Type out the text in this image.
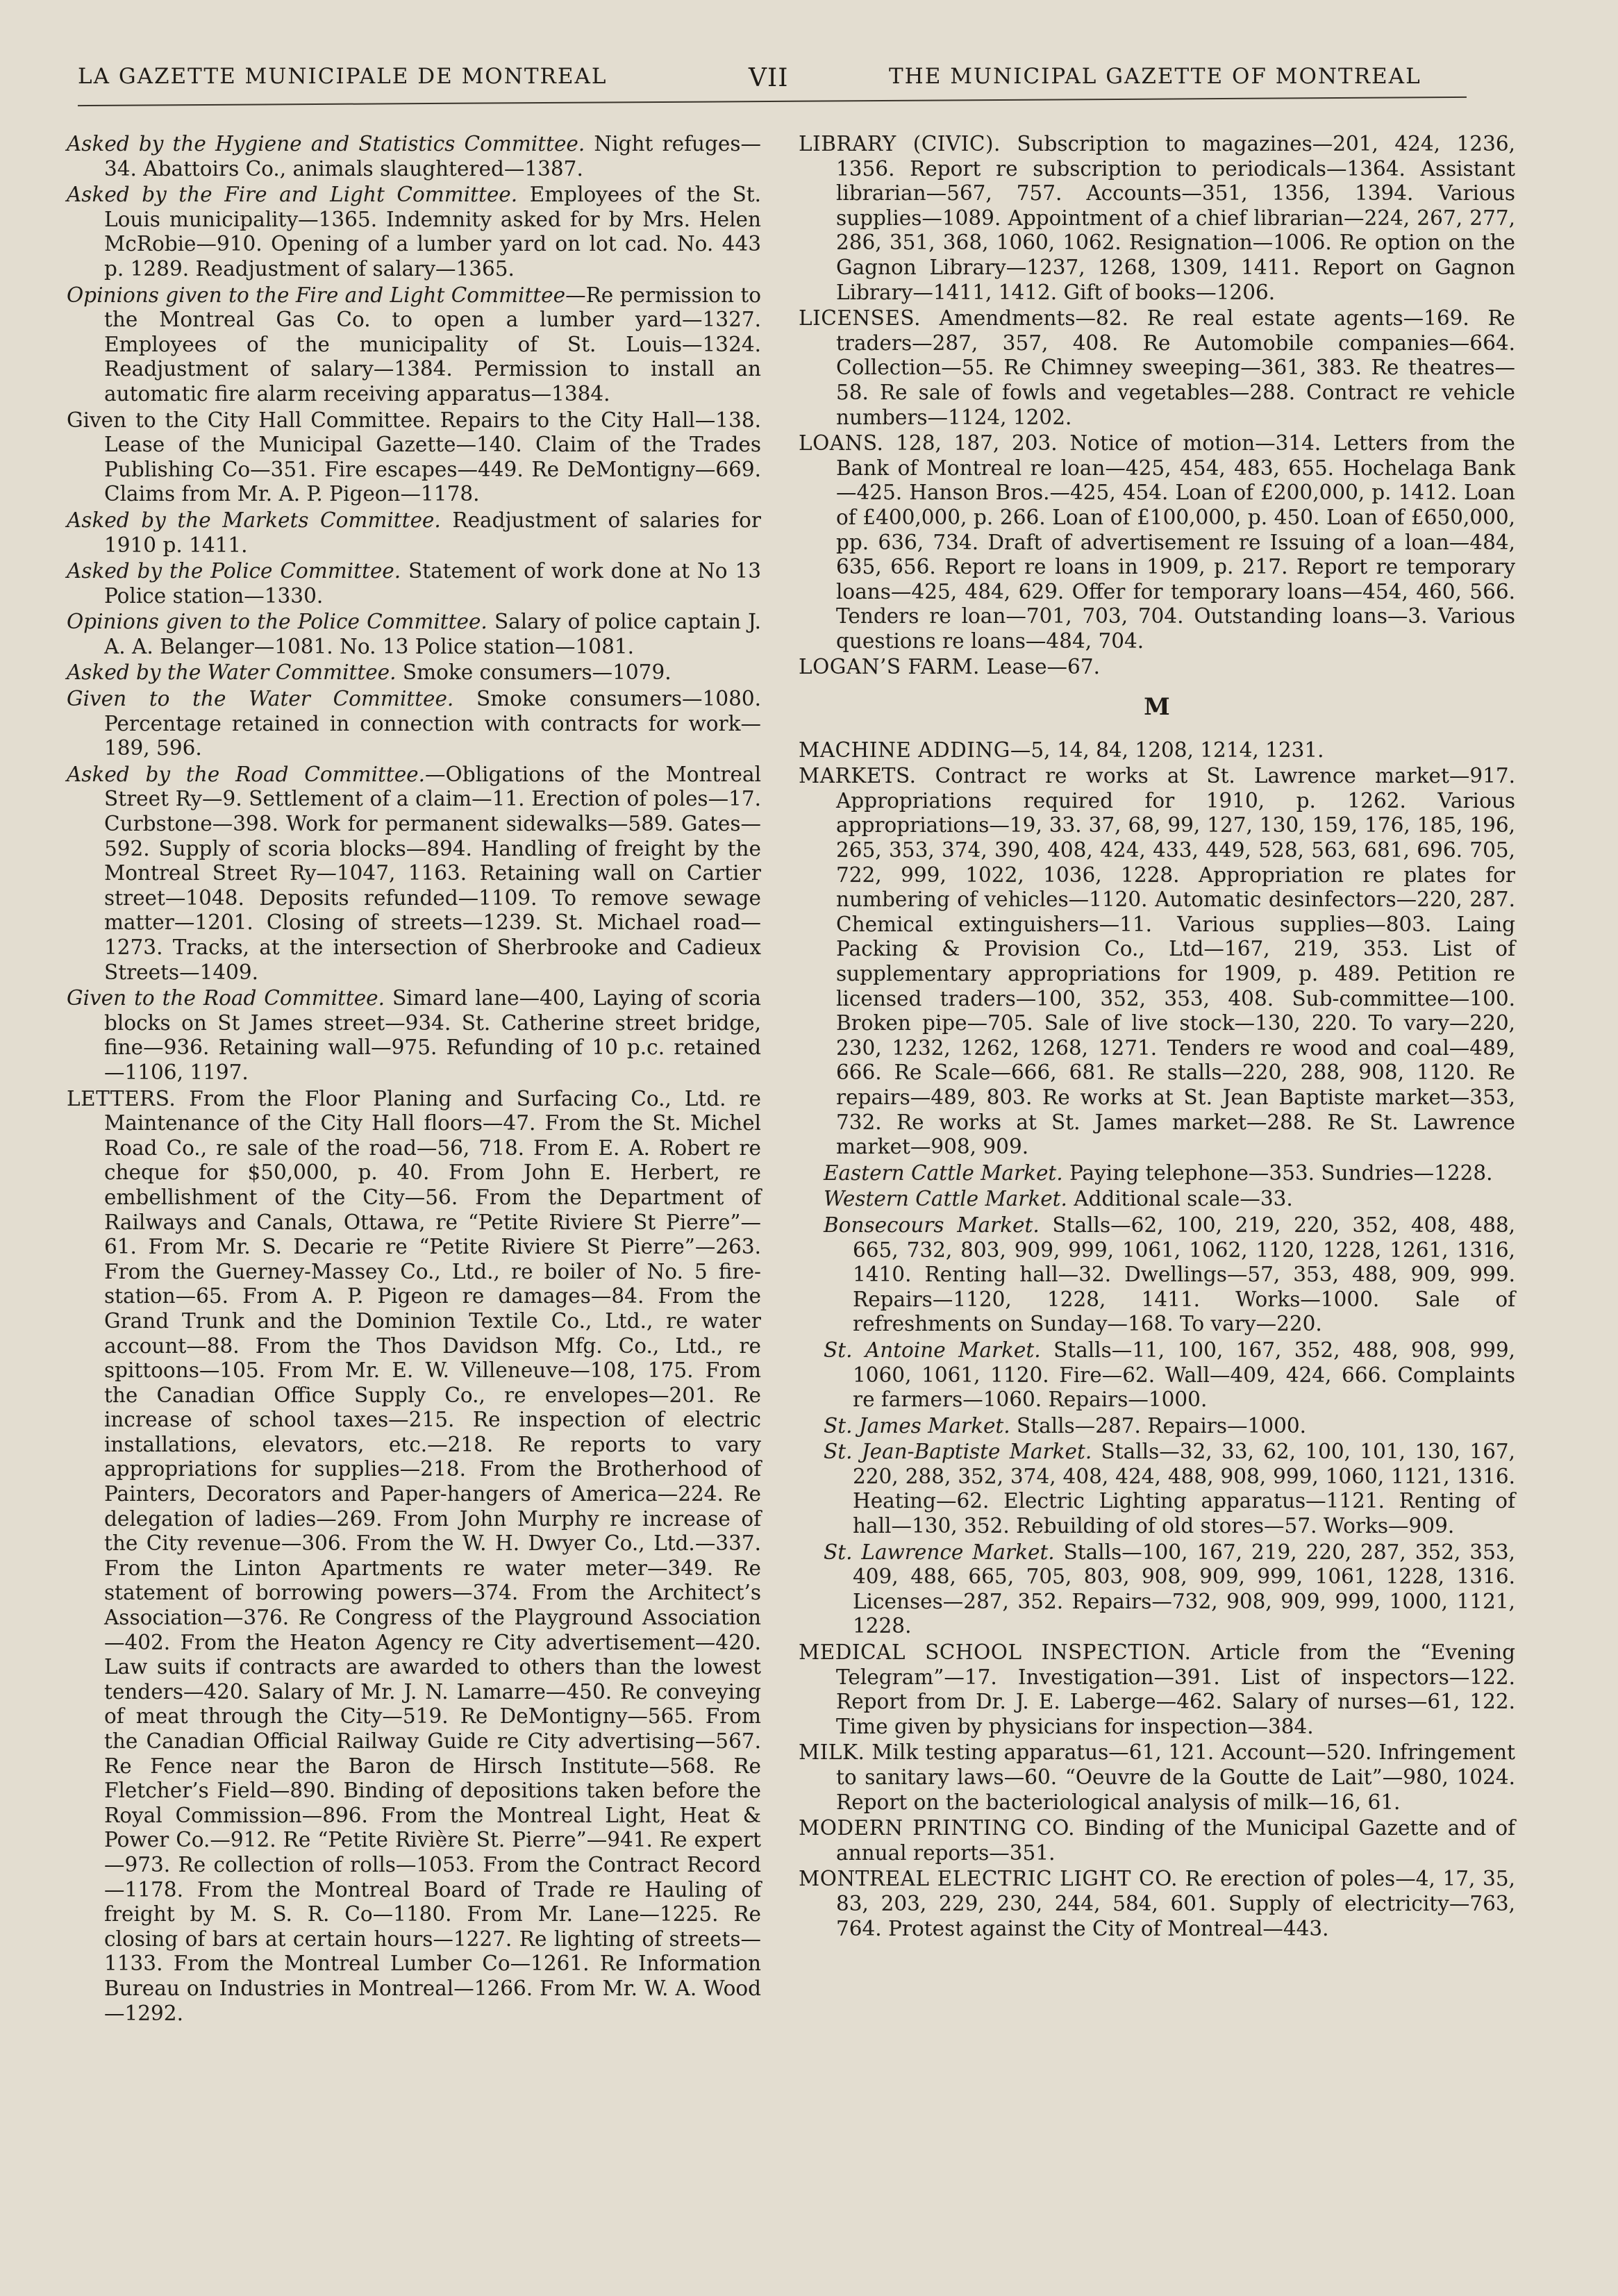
LA GAZETTE MUNICIPALE DE MONTREAL	VII	THE MUNICIPAL GAZETTE OF MONTREAL
Asked by the Hygiene and Statistics Committee. Night refuges—34. Abattoirs Co., animals slaughtered—1387.
Asked by the Fire and Light Committee. Employees of the St. Louis municipality—1365. Indemnity asked for by Mrs. Helen McRobie—910. Opening of a lumber yard on lot cad. No. 443 p. 1289. Readjustment of salary—1365.
Opinions given to the Fire and Light Committee—Re permission to the Montreal Gas Co. to open a lumber yard—1327. Employees of the municipality of St. Louis—1324. Readjustment of salary—1384. Permission to install an automatic fire alarm receiving apparatus—1384.
Given to the City Hall Committee. Repairs to the City Hall—138. Lease of the Municipal Gazette—140. Claim of the Trades Publishing Co—351. Fire escapes—449. Re DeMontigny—669. Claims from Mr. A. P. Pigeon—1178.
Asked by the Markets Committee. Readjustment of salaries for 1910 p. 1411.
Asked by the Police Committee. Statement of work done at No 13 Police station—1330.
Opinions given to the Police Committee. Salary of police captain J. A. A. Belanger—1081. No. 13 Police station—1081.
Asked by the Water Committee. Smoke consumers—1079.
Given to the Water Committee. Smoke consumers—1080. Percentage retained in connection with contracts for work—189, 596.
Asked by the Road Committee.—Obligations of the Montreal Street Ry—9. Settlement of a claim—11. Erection of poles—17. Curbstone—398. Work for permanent sidewalks—589. Gates—592. Supply of scoria blocks—894. Handling of freight by the Montreal Street Ry—1047, 1163. Retaining wall on Cartier street—1048. Deposits refunded—1109. To remove sewage matter—1201. Closing of streets—1239. St. Michael road—1273. Tracks, at the intersection of Sherbrooke and Cadieux Streets—1409.
Given to the Road Committee. Simard lane—400, Laying of scoria blocks on St James street—934. St. Catherine street bridge, fine—936. Retaining wall—975. Refunding of 10 p.c. retained—1106, 1197.
LETTERS. From the Floor Planing and Surfacing Co., Ltd. re Maintenance of the City Hall floors—47. From the St. Michel Road Co., re sale of the road—56, 718. From E. A. Robert re cheque for $50,000, p. 40. From John E. Herbert, re embellishment of the City—56. From the Department of Railways and Canals, Ottawa, re “Petite Riviere St Pierre”—61. From Mr. S. Decarie re “Petite Riviere St Pierre”—263. From the Guerney-Massey Co., Ltd., re boiler of No. 5 fire-station—65. From A. P. Pigeon re damages—84. From the Grand Trunk and the Dominion Textile Co., Ltd., re water account—88. From the Thos Davidson Mfg. Co., Ltd., re spittoons—105. From Mr. E. W. Villeneuve—108, 175. From the Canadian Office Supply Co., re envelopes—201. Re increase of school taxes—215. Re inspection of electric installations, elevators, etc.—218. Re reports to vary appropriations for supplies—218. From the Brotherhood of Painters, Decorators and Paper-hangers of America—224. Re delegation of ladies—269. From John Murphy re increase of the City revenue—306. From the W. H. Dwyer Co., Ltd.—337. From the Linton Apartments re water meter—349. Re statement of borrowing powers—374. From the Architect’s Association—376. Re Congress of the Playground Association—402. From the Heaton Agency re City advertisement—420. Law suits if contracts are awarded to others than the lowest tenders—420. Salary of Mr. J. N. Lamarre—450. Re conveying of meat through the City—519. Re DeMontigny—565. From the Canadian Official Railway Guide re City advertising—567. Re Fence near the Baron de Hirsch Institute—568. Re Fletcher’s Field—890. Binding of depositions taken before the Royal Commission—896. From the Montreal Light, Heat & Power Co.—912. Re “Petite Rivière St. Pierre”—941. Re expert—973. Re collection of rolls—1053. From the Contract Record—1178. From the Montreal Board of Trade re Hauling of freight by M. S. R. Co—1180. From Mr. Lane—1225. Re closing of bars at certain hours—1227. Re lighting of streets—1133. From the Montreal Lumber Co—1261. Re Information Bureau on Industries in Montreal—1266. From Mr. W. A. Wood—1292.
LIBRARY (CIVIC). Subscription to magazines—201, 424, 1236, 1356. Report re subscription to periodicals—1364. Assistant librarian—567, 757. Accounts—351, 1356, 1394. Various supplies—1089. Appointment of a chief librarian—224, 267, 277, 286, 351, 368, 1060, 1062. Resignation—1006. Re option on the Gagnon Library—1237, 1268, 1309, 1411. Report on Gagnon Library—1411, 1412. Gift of books—1206.
LICENSES. Amendments—82. Re real estate agents—169. Re traders—287, 357, 408. Re Automobile companies—664. Collection—55. Re Chimney sweeping—361, 383. Re theatres—58. Re sale of fowls and vegetables—288. Contract re vehicle numbers—1124, 1202.
LOANS. 128, 187, 203. Notice of motion—314. Letters from the Bank of Montreal re loan—425, 454, 483, 655. Hochelaga Bank—425. Hanson Bros.—425, 454. Loan of £200,000, p. 1412. Loan of £400,000, p. 266. Loan of £100,000, p. 450. Loan of £650,000, pp. 636, 734. Draft of advertisement re Issuing of a loan—484, 635, 656. Report re loans in 1909, p. 217. Report re temporary loans—425, 484, 629. Offer for temporary loans—454, 460, 566. Tenders re loan—701, 703, 704. Outstanding loans—3. Various questions re loans—484, 704.
LOGAN’S FARM. Lease—67.
M
MACHINE ADDING—5, 14, 84, 1208, 1214, 1231.
MARKETS. Contract re works at St. Lawrence market—917. Appropriations required for 1910, p. 1262. Various appropriations—19, 33. 37, 68, 99, 127, 130, 159, 176, 185, 196, 265, 353, 374, 390, 408, 424, 433, 449, 528, 563, 681, 696. 705, 722, 999, 1022, 1036, 1228. Appropriation re plates for numbering of vehicles—1120. Automatic desinfectors—220, 287. Chemical extinguishers—11. Various supplies—803. Laing Packing & Provision Co., Ltd—167, 219, 353. List of supplementary appropriations for 1909, p. 489. Petition re licensed traders—100, 352, 353, 408. Sub-committee—100. Broken pipe—705. Sale of live stock—130, 220. To vary—220, 230, 1232, 1262, 1268, 1271. Tenders re wood and coal—489, 666. Re Scale—666, 681. Re stalls—220, 288, 908, 1120. Re repairs—489, 803. Re works at St. Jean Baptiste market—353, 732. Re works at St. James market—288. Re St. Lawrence market—908, 909.
Eastern Cattle Market. Paying telephone—353. Sundries—1228.
Western Cattle Market. Additional scale—33.
Bonsecours Market. Stalls—62, 100, 219, 220, 352, 408, 488, 665, 732, 803, 909, 999, 1061, 1062, 1120, 1228, 1261, 1316, 1410. Renting hall—32. Dwellings—57, 353, 488, 909, 999. Repairs—1120, 1228, 1411. Works—1000. Sale of refreshments on Sunday—168. To vary—220.
St. Antoine Market. Stalls—11, 100, 167, 352, 488, 908, 999, 1060, 1061, 1120. Fire—62. Wall—409, 424, 666. Complaints re farmers—1060. Repairs—1000.
St. James Market. Stalls—287. Repairs—1000.
St. Jean-Baptiste Market. Stalls—32, 33, 62, 100, 101, 130, 167, 220, 288, 352, 374, 408, 424, 488, 908, 999, 1060, 1121, 1316. Heating—62. Electric Lighting apparatus—1121. Renting of hall—130, 352. Rebuilding of old stores—57. Works—909.
St. Lawrence Market. Stalls—100, 167, 219, 220, 287, 352, 353, 409, 488, 665, 705, 803, 908, 909, 999, 1061, 1228, 1316. Licenses—287, 352. Repairs—732, 908, 909, 999, 1000, 1121, 1228.
MEDICAL SCHOOL INSPECTION. Article from the “Evening Telegram”—17. Investigation—391. List of inspectors—122. Report from Dr. J. E. Laberge—462. Salary of nurses—61, 122. Time given by physicians for inspection—384.
MILK. Milk testing apparatus—61, 121. Account—520. Infringement to sanitary laws—60. “Oeuvre de la Goutte de Lait”—980, 1024. Report on the bacteriological analysis of milk—16, 61.
MODERN PRINTING CO. Binding of the Municipal Gazette and of annual reports—351.
MONTREAL ELECTRIC LIGHT CO. Re erection of poles—4, 17, 35, 83, 203, 229, 230, 244, 584, 601. Supply of electricity—763, 764. Protest against the City of Montreal—443.
